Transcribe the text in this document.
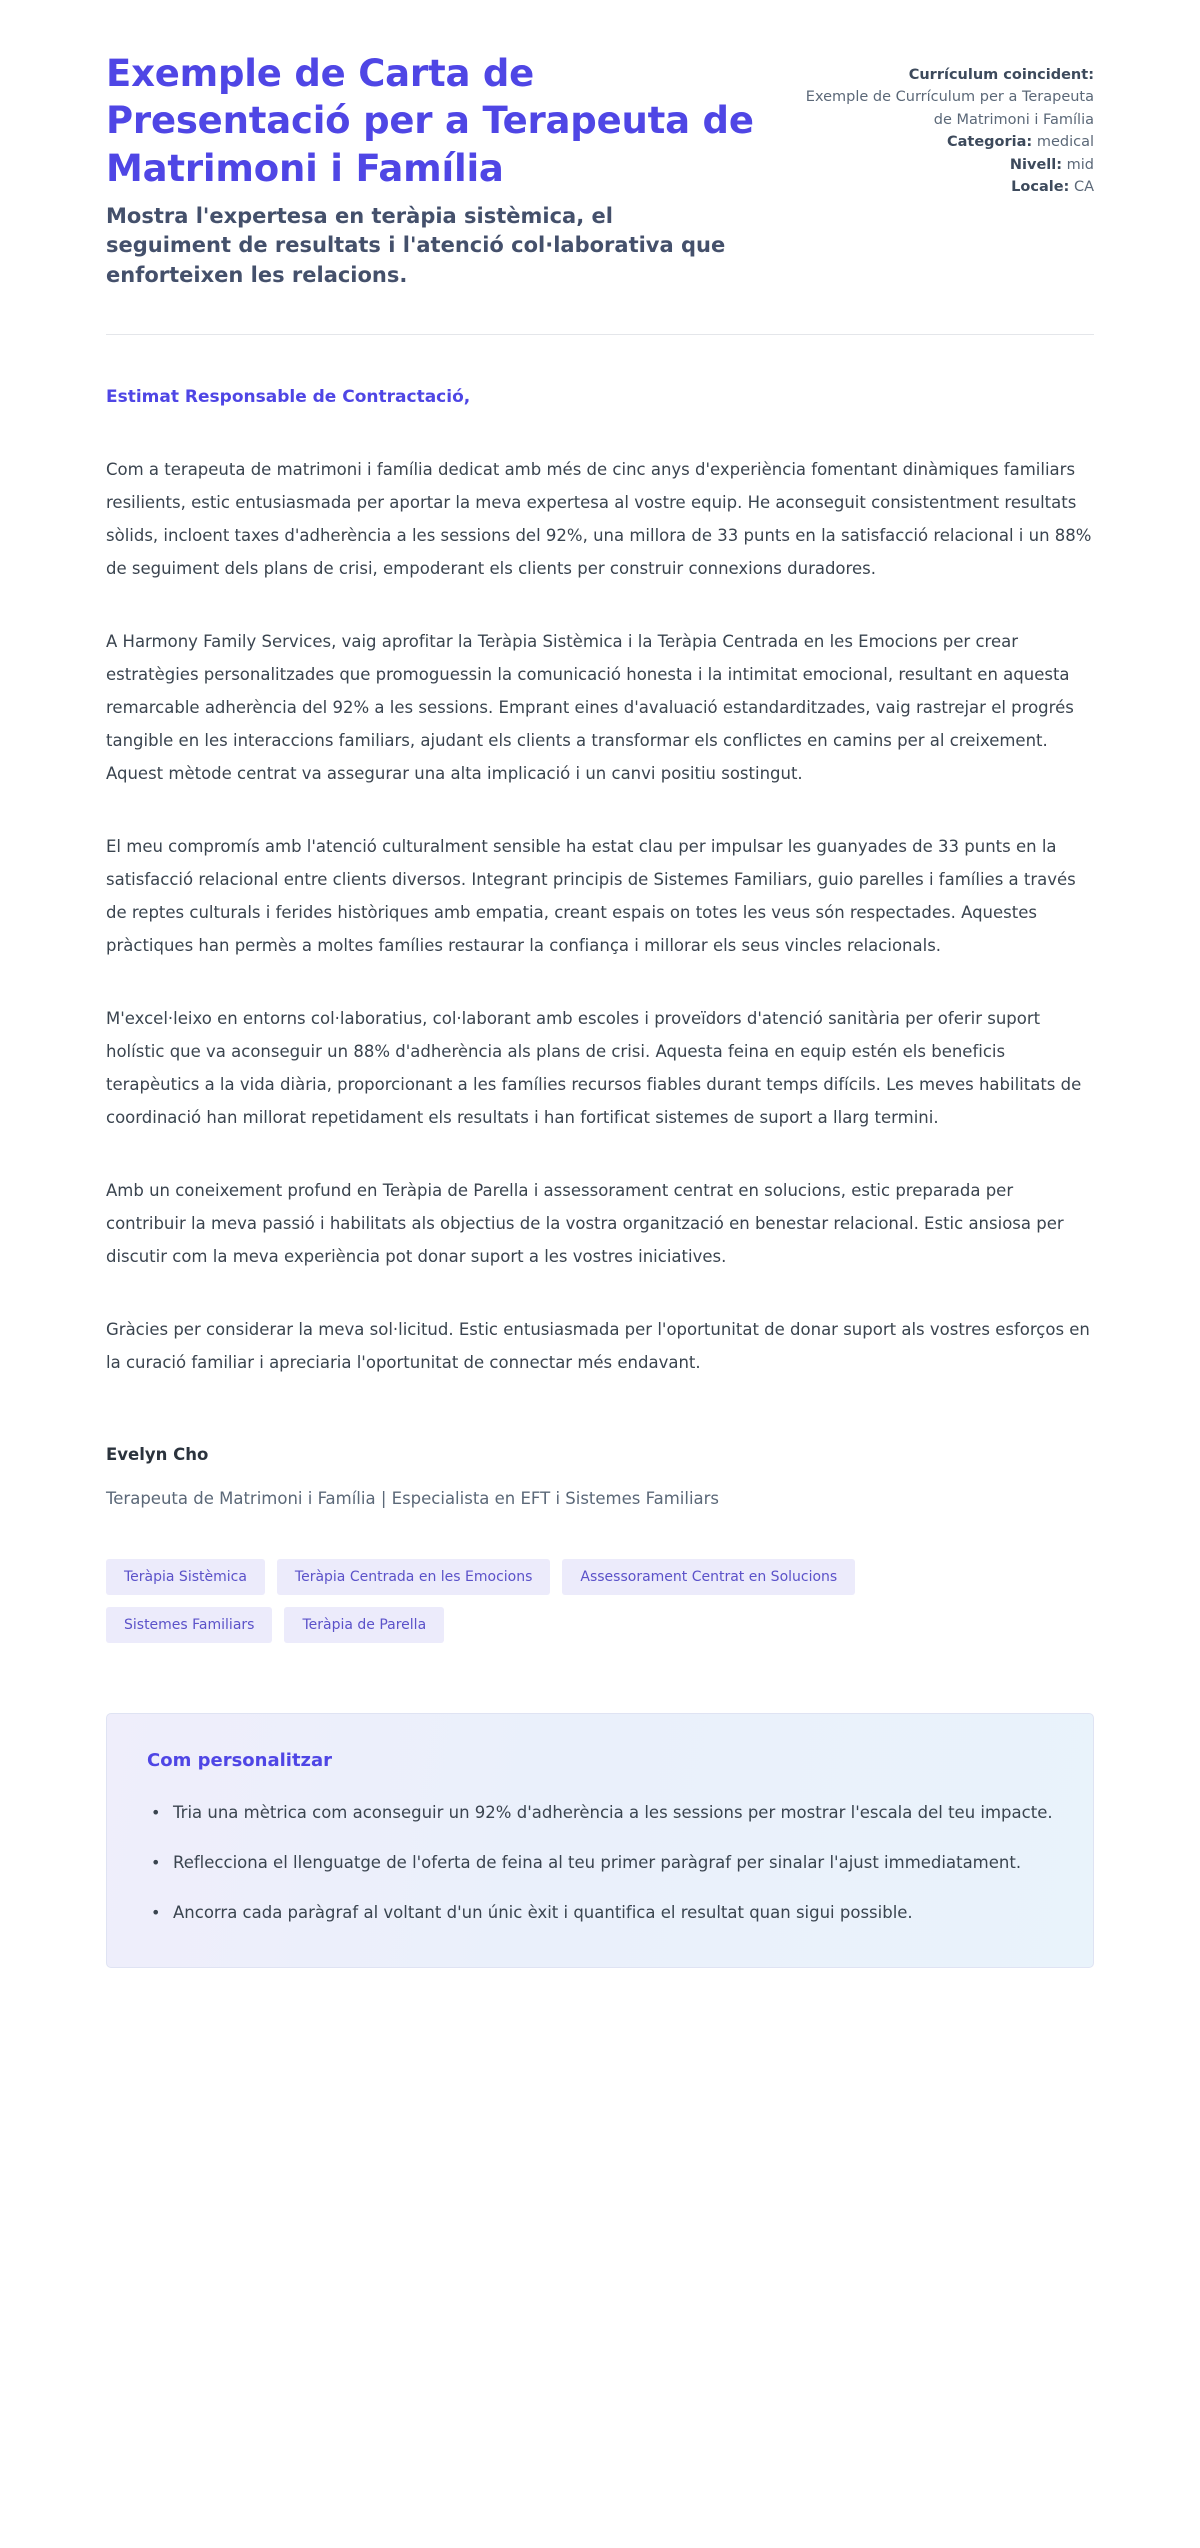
Exemple de Carta de Presentació per a Terapeuta de Matrimoni i Família

Mostra l'expertesa en teràpia sistèmica, el seguiment de resultats i l'atenció col·laborativa que enforteixen les relacions.

Currículum coincident:
Exemple de Currículum per a Terapeuta de Matrimoni i Família
Categoria: medical
Nivell: mid
Locale: CA

Estimat Responsable de Contractació,

Com a terapeuta de matrimoni i família dedicat amb més de cinc anys d'experiència fomentant dinàmiques familiars resilients, estic entusiasmada per aportar la meva expertesa al vostre equip. He aconseguit consistentment resultats sòlids, incloent taxes d'adherència a les sessions del 92%, una millora de 33 punts en la satisfacció relacional i un 88% de seguiment dels plans de crisi, empoderant els clients per construir connexions duradores.

A Harmony Family Services, vaig aprofitar la Teràpia Sistèmica i la Teràpia Centrada en les Emocions per crear estratègies personalitzades que promoguessin la comunicació honesta i la intimitat emocional, resultant en aquesta remarcable adherència del 92% a les sessions. Emprant eines d'avaluació estandarditzades, vaig rastrejar el progrés tangible en les interaccions familiars, ajudant els clients a transformar els conflictes en camins per al creixement. Aquest mètode centrat va assegurar una alta implicació i un canvi positiu sostingut.

El meu compromís amb l'atenció culturalment sensible ha estat clau per impulsar les guanyades de 33 punts en la satisfacció relacional entre clients diversos. Integrant principis de Sistemes Familiars, guio parelles i famílies a través de reptes culturals i ferides històriques amb empatia, creant espais on totes les veus són respectades. Aquestes pràctiques han permès a moltes famílies restaurar la confiança i millorar els seus vincles relacionals.

M'excel·leixo en entorns col·laboratius, col·laborant amb escoles i proveïdors d'atenció sanitària per oferir suport holístic que va aconseguir un 88% d'adherència als plans de crisi. Aquesta feina en equip estén els beneficis terapèutics a la vida diària, proporcionant a les famílies recursos fiables durant temps difícils. Les meves habilitats de coordinació han millorat repetidament els resultats i han fortificat sistemes de suport a llarg termini.

Amb un coneixement profund en Teràpia de Parella i assessorament centrat en solucions, estic preparada per contribuir la meva passió i habilitats als objectius de la vostra organització en benestar relacional. Estic ansiosa per discutir com la meva experiència pot donar suport a les vostres iniciatives.

Gràcies per considerar la meva sol·licitud. Estic entusiasmada per l'oportunitat de donar suport als vostres esforços en la curació familiar i apreciaria l'oportunitat de connectar més endavant.

Evelyn Cho
Terapeuta de Matrimoni i Família | Especialista en EFT i Sistemes Familiars
Teràpia Sistèmica	Teràpia Centrada en les Emocions	Assessorament Centrat en Solucions
Sistemes Familiars	Teràpia de Parella
Com personalitzar
• Tria una mètrica com aconseguir un 92% d'adherència a les sessions per mostrar l'escala del teu impacte.
• Reflecciona el llenguatge de l'oferta de feina al teu primer paràgraf per sinalar l'ajust immediatament.
• Ancorra cada paràgraf al voltant d'un únic èxit i quantifica el resultat quan sigui possible.
